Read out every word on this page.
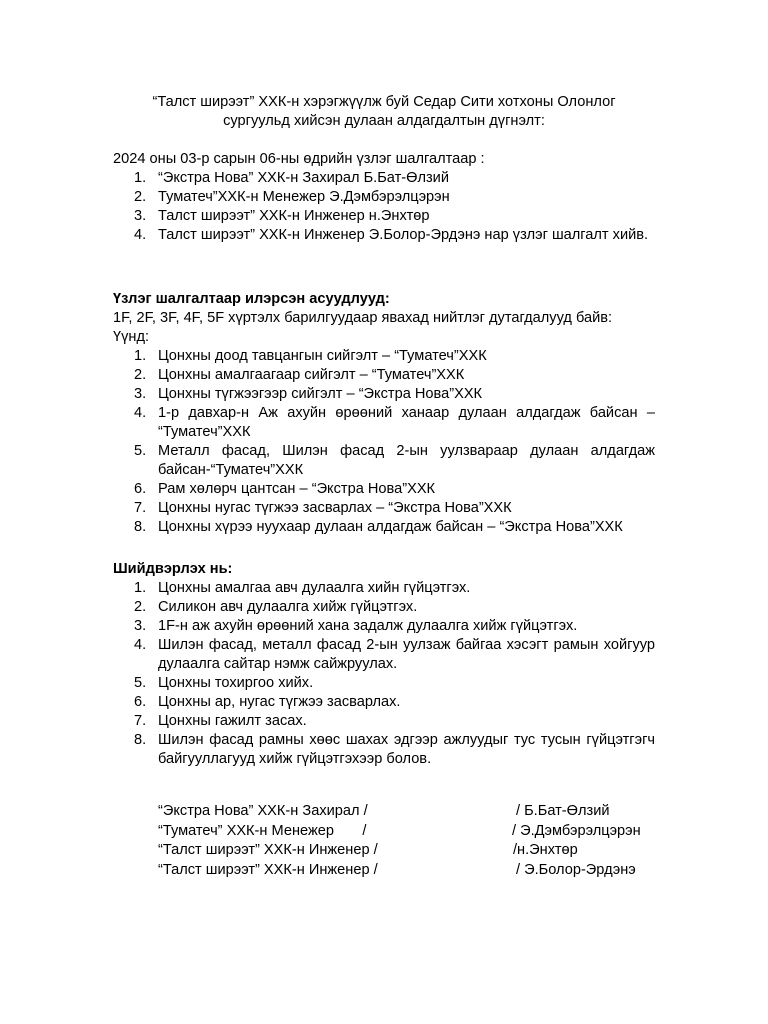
“Талст ширээт” ХХК-н хэрэгжүүлж буй Седар Сити хотхоны Олонлог
сургуульд хийсэн дулаан алдагдалтын дүгнэлт:
2024 оны 03-р сарын 06-ны өдрийн үзлэг шалгалтаар :
1. “Экстра Нова” ХХК-н Захирал Б.Бат-Өлзий
2. Туматеч”ХХК-н Менежер Э.Дэмбэрэлцэрэн
3. Талст ширээт” ХХК-н Инженер н.Энхтөр
4. Талст ширээт” ХХК-н Инженер Э.Болор-Эрдэнэ нар үзлэг шалгалт хийв.
Үзлэг шалгалтаар илэрсэн асуудлууд:
1F, 2F, 3F, 4F, 5F хүртэлх барилгуудаар явахад нийтлэг дутагдалууд байв:
Үүнд:
1. Цонхны доод тавцангын сийгэлт – “Туматеч”ХХК
2. Цонхны амалгаагаар сийгэлт – “Туматеч”ХХК
3. Цонхны түгжээгээр сийгэлт – “Экстра Нова”ХХК
4. 1-р давхар-н Аж ахуйн өрөөний ханаар дулаан алдагдаж байсан – “Туматеч”ХХК
5. Металл фасад, Шилэн фасад 2-ын уулзвараар дулаан алдагдаж байсан-“Туматеч”ХХК
6. Рам хөлөрч цантсан – “Экстра Нова”ХХК
7. Цонхны нугас түгжээ засварлах – “Экстра Нова”ХХК
8. Цонхны хүрээ нуухаар дулаан алдагдаж байсан – “Экстра Нова”ХХК
Шийдвэрлэх нь:
1. Цонхны амалгаа авч дулаалга хийн гүйцэтгэх.
2. Силикон авч дулаалга хийж гүйцэтгэх.
3. 1F-н аж ахуйн өрөөний хана задалж дулаалга хийж гүйцэтгэх.
4. Шилэн фасад, металл фасад 2-ын уулзаж байгаа хэсэгт рамын хойгуур дулаалга сайтар нэмж сайжруулах.
5. Цонхны тохиргоо хийх.
6. Цонхны ар, нугас түгжээ засварлах.
7. Цонхны гажилт засах.
8. Шилэн фасад рамны хөөс шахах эдгээр ажлуудыг тус тусын гүйцэтгэгч байгууллагууд хийж гүйцэтгэхээр болов.
“Экстра Нова” ХХК-н Захирал /	/ Б.Бат-Өлзий
“Туматеч” ХХК-н Менежер       /	/ Э.Дэмбэрэлцэрэн
“Талст ширээт” ХХК-н Инженер /	/н.Энхтөр
“Талст ширээт” ХХК-н Инженер /	/ Э.Болор-Эрдэнэ
